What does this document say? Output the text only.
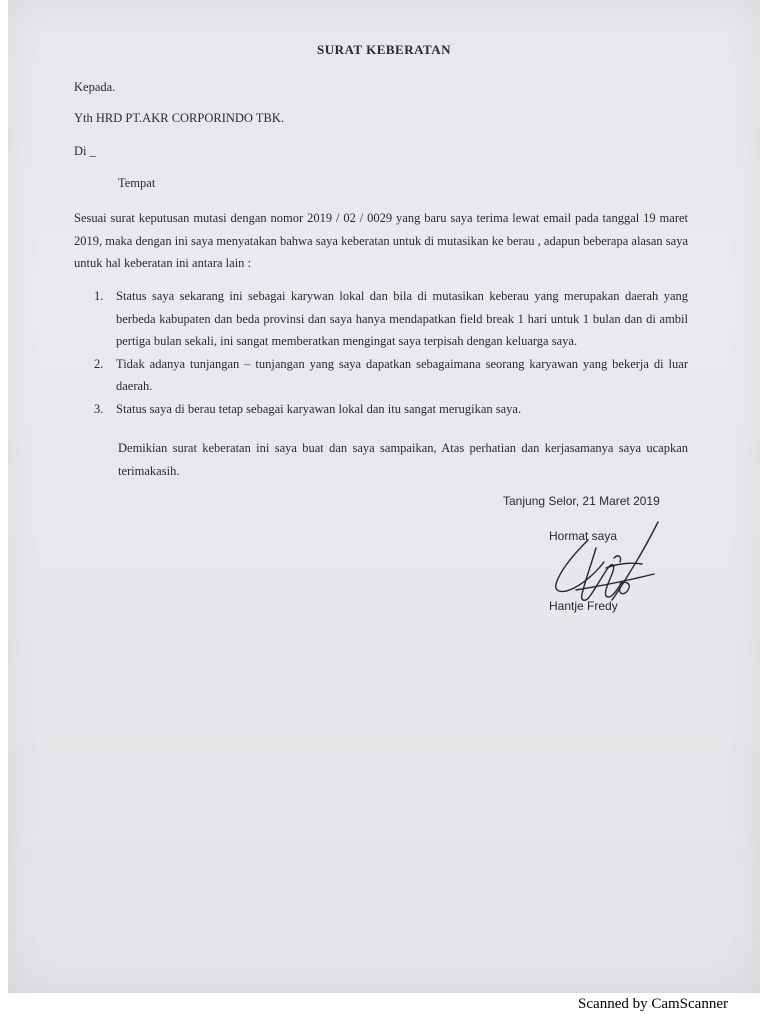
SURAT KEBERATAN
Kepada.
Yth HRD PT.AKR CORPORINDO TBK.
Di _
Tempat
Sesuai surat keputusan mutasi dengan nomor 2019 / 02 / 0029 yang baru saya terima lewat email pada tanggal 19 maret 2019, maka dengan ini saya menyatakan bahwa saya keberatan untuk di mutasikan ke berau , adapun beberapa alasan saya untuk hal keberatan ini antara lain :
1. Status saya sekarang ini sebagai karywan lokal dan bila di mutasikan keberau yang merupakan daerah yang berbeda kabupaten dan beda provinsi dan saya hanya mendapatkan field break 1 hari untuk 1 bulan dan di ambil pertiga bulan sekali, ini sangat memberatkan mengingat saya terpisah dengan keluarga saya.
2. Tidak adanya tunjangan – tunjangan yang saya dapatkan sebagaimana seorang karyawan yang bekerja di luar daerah.
3. Status saya di berau tetap sebagai karyawan lokal dan itu sangat merugikan saya.
Demikian surat keberatan ini saya buat dan saya sampaikan, Atas perhatian dan kerjasamanya saya ucapkan terimakasih.
Tanjung Selor, 21 Maret 2019
Hormat saya
Hantje Fredy
Scanned by CamScanner
